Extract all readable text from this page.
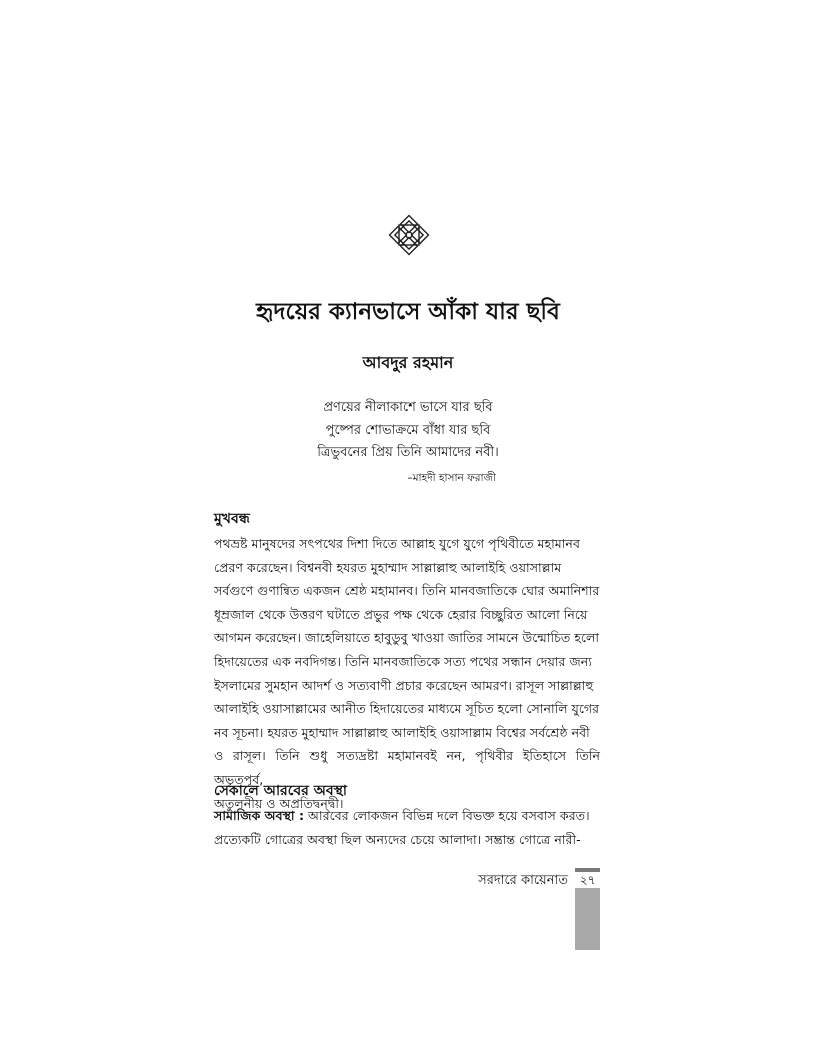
হৃদয়ের ক্যানভাসে আঁকা যার ছবি
আবদুর রহমান
প্রণয়ের নীলাকাশে ভাসে যার ছবি
পুষ্পের শোভাক্রমে বাঁধা যার ছবি
ত্রিভুবনের প্রিয় তিনি আমাদের নবী।
–মাহদী হাসান ফরাজী
মুখবন্ধ

পথভ্রষ্ট মানুষদের সৎপথের দিশা দিতে আল্লাহ যুগে যুগে পৃথিবীতে মহামানব
প্রেরণ করেছেন। বিশ্বনবী হযরত মুহাম্মাদ সাল্লাল্লাহু আলাইহি ওয়াসাল্লাম
সর্বগুণে গুণান্বিত একজন শ্রেষ্ঠ মহামানব। তিনি মানবজাতিকে ঘোর অমানিশার
ধূম্রজাল থেকে উত্তরণ ঘটাতে প্রভুর পক্ষ থেকে হেরার বিচ্ছুরিত আলো নিয়ে
আগমন করেছেন। জাহেলিয়াতে হাবুডুবু খাওয়া জাতির সামনে উন্মোচিত হলো
হিদায়েতের এক নবদিগন্ত। তিনি মানবজাতিকে সত্য পথের সন্ধান দেয়ার জন্য
ইসলামের সুমহান আদর্শ ও সত্যবাণী প্রচার করেছেন আমরণ। রাসূল সাল্লাল্লাহু
আলাইহি ওয়াসাল্লামের আনীত হিদায়েতের মাধ্যমে সূচিত হলো সোনালি যুগের
নব সূচনা। হযরত মুহাম্মাদ সাল্লাল্লাহু আলাইহি ওয়াসাল্লাম বিশ্বের সর্বশ্রেষ্ঠ নবী
ও রাসূল। তিনি শুধু সত্যদ্রষ্টা মহামানবই নন, পৃথিবীর ইতিহাসে তিনি অভূতপূর্ব,
অতুলনীয় ও অপ্রতিদ্বন্দ্বী।

সেকালে আরবের অবস্থা

সামাজিক অবস্থা : আরবের লোকজন বিভিন্ন দলে বিভক্ত হয়ে বসবাস করত।
প্রত্যেকটি গোত্রের অবস্থা ছিল অন্যদের চেয়ে আলাদা। সম্ভ্রান্ত গোত্রে নারী-

সরদারে কায়েনাত ২৭
